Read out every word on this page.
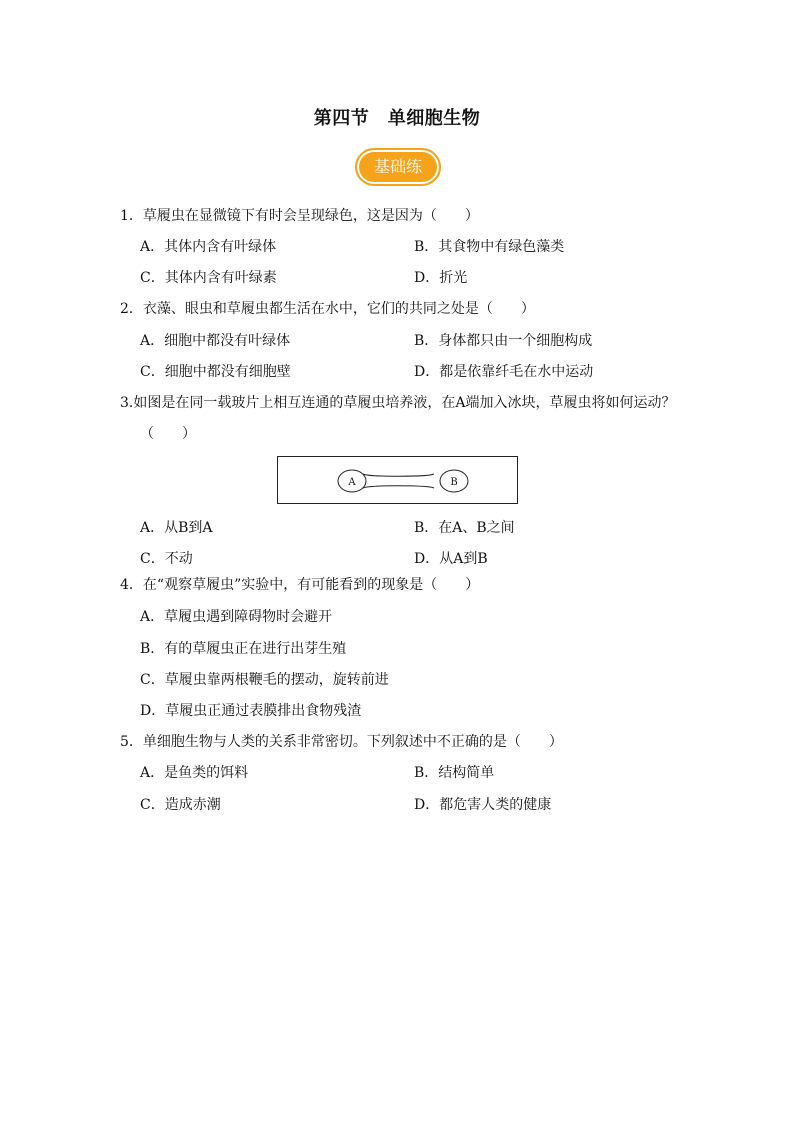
第四节　单细胞生物
基础练
1．草履虫在显微镜下有时会呈现绿色，这是因为（　　）
A．其体内含有叶绿体	B．其食物中有绿色藻类
C．其体内含有叶绿素	D．折光
2．衣藻、眼虫和草履虫都生活在水中，它们的共同之处是（　　）
A．细胞中都没有叶绿体	B．身体都只由一个细胞构成
C．细胞中都没有细胞壁	D．都是依靠纤毛在水中运动
3.如图是在同一载玻片上相互连通的草履虫培养液，在A端加入冰块，草履虫将如何运动？
（　　）
A	B
A．从B到A	B．在A、B之间
C．不动	D．从A到B
4．在“观察草履虫”实验中，有可能看到的现象是（　　）
A．草履虫遇到障碍物时会避开
B．有的草履虫正在进行出芽生殖
C．草履虫靠两根鞭毛的摆动，旋转前进
D．草履虫正通过表膜排出食物残渣
5．单细胞生物与人类的关系非常密切。下列叙述中不正确的是（　　）
A．是鱼类的饵料	B．结构简单
C．造成赤潮	D．都危害人类的健康
